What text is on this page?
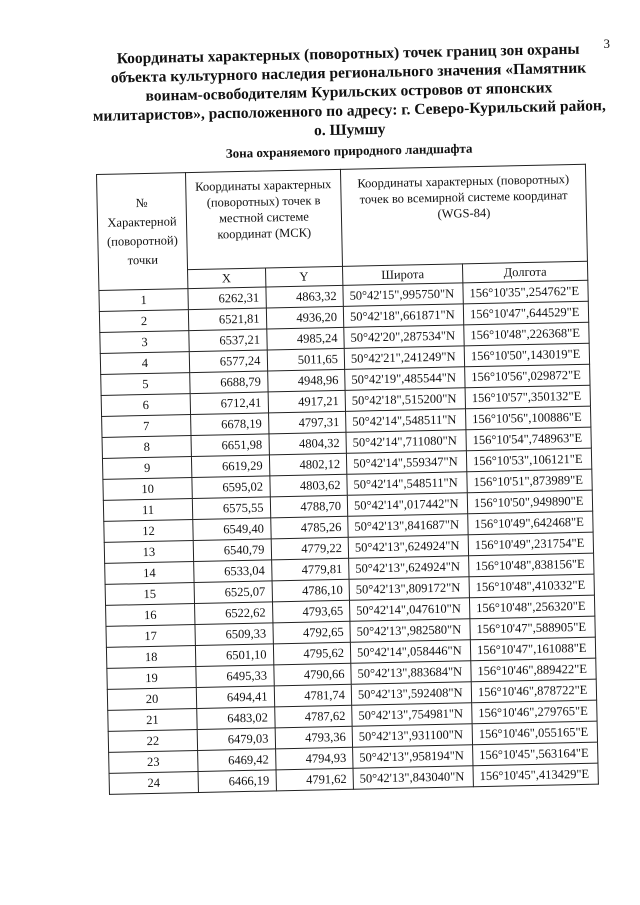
3
Координаты характерных (поворотных) точек границ зон охраны объекта культурного наследия регионального значения «Памятник воинам-освободителям Курильских островов от японских милитаристов», расположенного по адресу: г. Северо-Курильский район, о. Шумшу
Зона охраняемого природного ландшафта
№ Характерной (поворотной) точки	Координаты характерных (поворотных) точек в местной системе координат (МСК)		Координаты характерных (поворотных) точек во всемирной системе координат (WGS-84)	
	X	Y	Широта	Долгота
1	6262,31	4863,32	50°42'15",995750"N	156°10'35",254762"E
2	6521,81	4936,20	50°42'18",661871"N	156°10'47",644529"E
3	6537,21	4985,24	50°42'20",287534"N	156°10'48",226368"E
4	6577,24	5011,65	50°42'21",241249"N	156°10'50",143019"E
5	6688,79	4948,96	50°42'19",485544"N	156°10'56",029872"E
6	6712,41	4917,21	50°42'18",515200"N	156°10'57",350132"E
7	6678,19	4797,31	50°42'14",548511"N	156°10'56",100886"E
8	6651,98	4804,32	50°42'14",711080"N	156°10'54",748963"E
9	6619,29	4802,12	50°42'14",559347"N	156°10'53",106121"E
10	6595,02	4803,62	50°42'14",548511"N	156°10'51",873989"E
11	6575,55	4788,70	50°42'14",017442"N	156°10'50",949890"E
12	6549,40	4785,26	50°42'13",841687"N	156°10'49",642468"E
13	6540,79	4779,22	50°42'13",624924"N	156°10'49",231754"E
14	6533,04	4779,81	50°42'13",624924"N	156°10'48",838156"E
15	6525,07	4786,10	50°42'13",809172"N	156°10'48",410332"E
16	6522,62	4793,65	50°42'14",047610"N	156°10'48",256320"E
17	6509,33	4792,65	50°42'13",982580"N	156°10'47",588905"E
18	6501,10	4795,62	50°42'14",058446"N	156°10'47",161088"E
19	6495,33	4790,66	50°42'13",883684"N	156°10'46",889422"E
20	6494,41	4781,74	50°42'13",592408"N	156°10'46",878722"E
21	6483,02	4787,62	50°42'13",754981"N	156°10'46",279765"E
22	6479,03	4793,36	50°42'13",931100"N	156°10'46",055165"E
23	6469,42	4794,93	50°42'13",958194"N	156°10'45",563164"E
24	6466,19	4791,62	50°42'13",843040"N	156°10'45",413429"E
